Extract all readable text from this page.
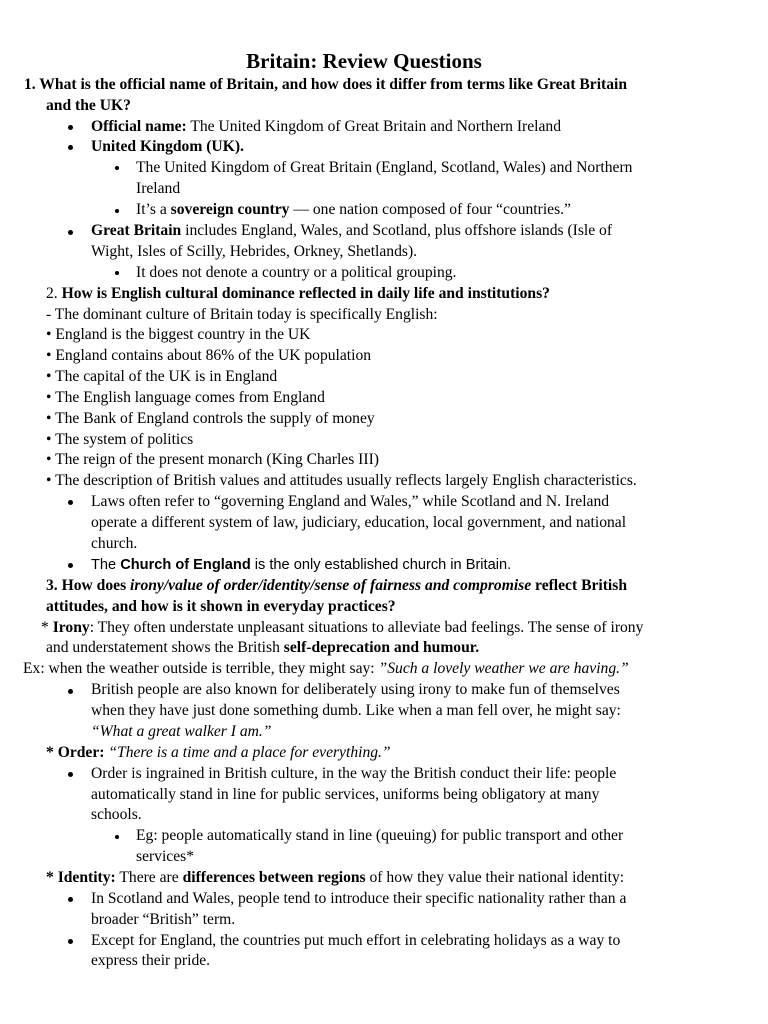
Britain: Review Questions

1. What is the official name of Britain, and how does it differ from terms like Great Britain

and the UK?

Official name: The United Kingdom of Great Britain and Northern Ireland

United Kingdom (UK).

The United Kingdom of Great Britain (England, Scotland, Wales) and Northern

Ireland

It’s a sovereign country — one nation composed of four “countries.”

Great Britain includes England, Wales, and Scotland, plus offshore islands (Isle of

Wight, Isles of Scilly, Hebrides, Orkney, Shetlands).

It does not denote a country or a political grouping.

2. How is English cultural dominance reflected in daily life and institutions?

- The dominant culture of Britain today is specifically English:

• England is the biggest country in the UK

• England contains about 86% of the UK population

• The capital of the UK is in England

• The English language comes from England

• The Bank of England controls the supply of money

• The system of politics

• The reign of the present monarch (King Charles III)

• The description of British values and attitudes usually reflects largely English characteristics.

Laws often refer to “governing England and Wales,” while Scotland and N. Ireland

operate a different system of law, judiciary, education, local government, and national

church.

The Church of England is the only established church in Britain.

3. How does irony/value of order/identity/sense of fairness and compromise reflect British

attitudes, and how is it shown in everyday practices?

* Irony: They often understate unpleasant situations to alleviate bad feelings. The sense of irony

and understatement shows the British self-deprecation and humour.

Ex: when the weather outside is terrible, they might say: ”Such a lovely weather we are having.”

British people are also known for deliberately using irony to make fun of themselves

when they have just done something dumb. Like when a man fell over, he might say:

“What a great walker I am.”

* Order: “There is a time and a place for everything.”

Order is ingrained in British culture, in the way the British conduct their life: people

automatically stand in line for public services, uniforms being obligatory at many

schools.

Eg: people automatically stand in line (queuing) for public transport and other

services*

* Identity: There are differences between regions of how they value their national identity:

In Scotland and Wales, people tend to introduce their specific nationality rather than a

broader “British” term.

Except for England, the countries put much effort in celebrating holidays as a way to

express their pride.
